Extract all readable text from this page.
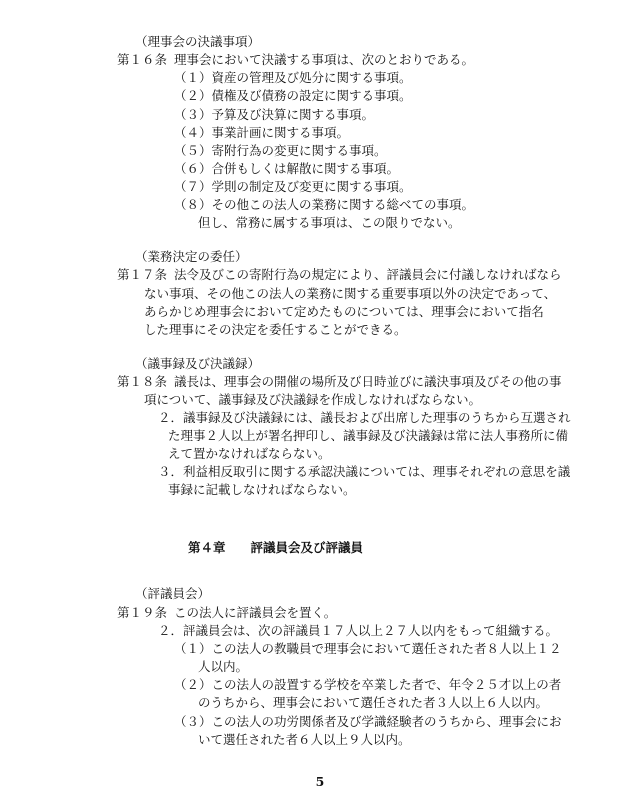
（理事会の決議事項）
第１６条 理事会において決議する事項は、次のとおりである。
（１）資産の管理及び処分に関する事項。
（２）債権及び債務の設定に関する事項。
（３）予算及び決算に関する事項。
（４）事業計画に関する事項。
（５）寄附行為の変更に関する事項。
（６）合併もしくは解散に関する事項。
（７）学則の制定及び変更に関する事項。
（８）その他この法人の業務に関する総べての事項。
但し、常務に属する事項は、この限りでない。
（業務決定の委任）
第１７条 法令及びこの寄附行為の規定により、評議員会に付議しなければなら
ない事項、その他この法人の業務に関する重要事項以外の決定であって、
あらかじめ理事会において定めたものについては、理事会において指名
した理事にその決定を委任することができる。
（議事録及び決議録）
第１８条 議長は、理事会の開催の場所及び日時並びに議決事項及びその他の事
項について、議事録及び決議録を作成しなければならない。
２．議事録及び決議録には、議長および出席した理事のうちから互選され
た理事２人以上が署名押印し、議事録及び決議録は常に法人事務所に備
えて置かなければならない。
３．利益相反取引に関する承認決議については、理事それぞれの意思を議
事録に記載しなければならない。
第４章　　評議員会及び評議員
（評議員会）
第１９条 この法人に評議員会を置く。
２．評議員会は、次の評議員１７人以上２７人以内をもって組織する。
（１）この法人の教職員で理事会において選任された者８人以上１２
人以内。
（２）この法人の設置する学校を卒業した者で、年令２５才以上の者
のうちから、理事会において選任された者３人以上６人以内。
（３）この法人の功労関係者及び学識経験者のうちから、理事会にお
いて選任された者６人以上９人以内。
5
